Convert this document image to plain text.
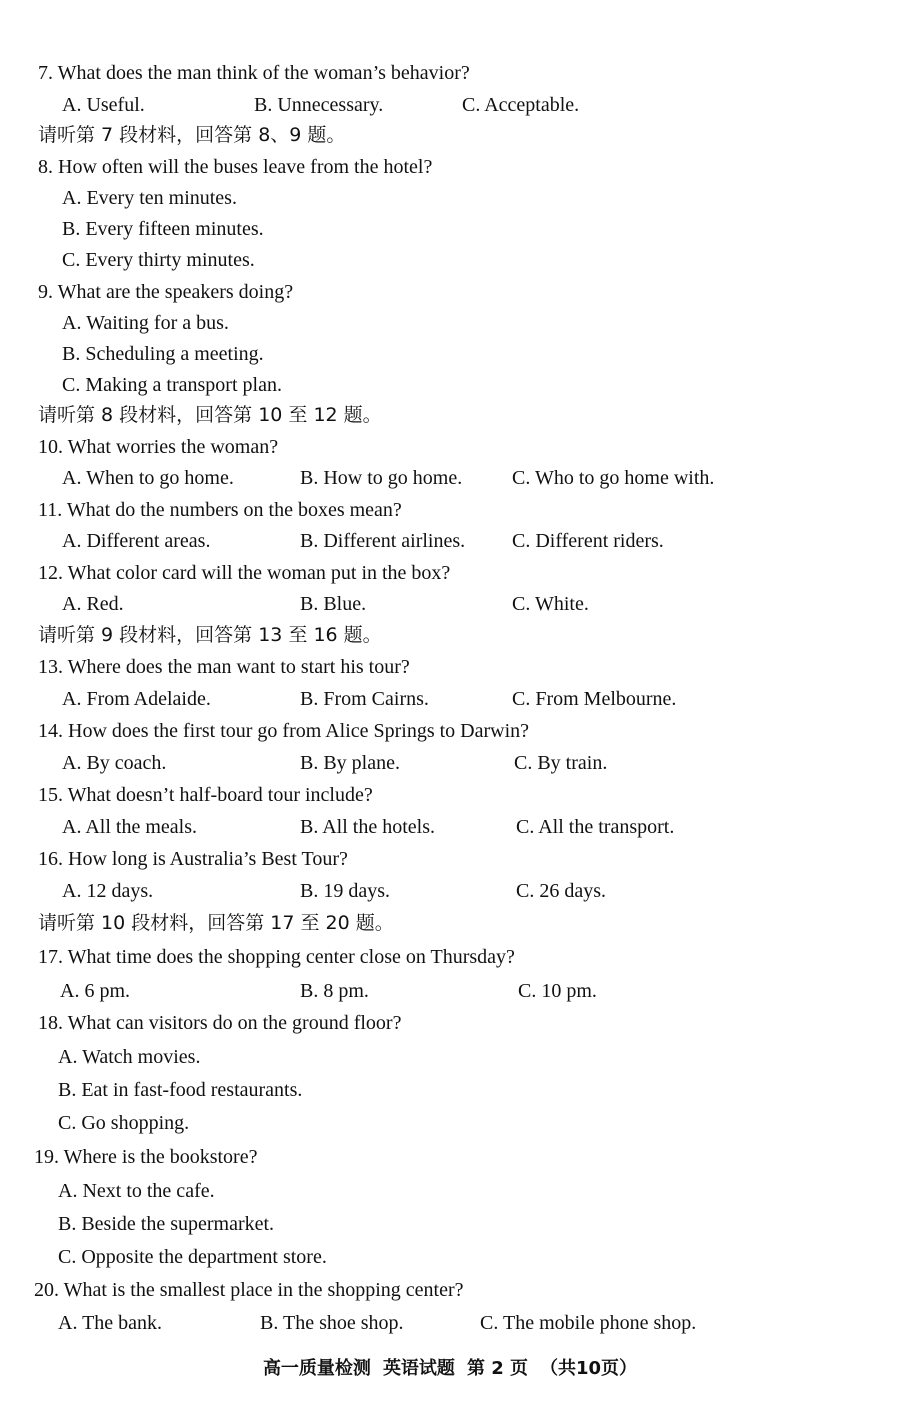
7. What does the man think of the woman’s behavior?
A. Useful.	B. Unnecessary.	C. Acceptable.
请听第 7 段材料，回答第 8、9 题。
8. How often will the buses leave from the hotel?
A. Every ten minutes.
B. Every fifteen minutes.
C. Every thirty minutes.
9. What are the speakers doing?
A. Waiting for a bus.
B. Scheduling a meeting.
C. Making a transport plan.
请听第 8 段材料，回答第 10 至 12 题。
10. What worries the woman?
A. When to go home.	B. How to go home. C. Who to go home with.
11. What do the numbers on the boxes mean?
A. Different areas.	B. Different airlines. C. Different riders.
12. What color card will the woman put in the box?
A. Red.	B. Blue.	C. White.
请听第 9 段材料，回答第 13 至 16 题。
13. Where does the man want to start his tour?
A. From Adelaide.	B. From Cairns.	C. From Melbourne.
14. How does the first tour go from Alice Springs to Darwin?
A. By coach.	B. By plane.	C. By train.
15. What doesn’t half-board tour include?
A. All the meals.	B. All the hotels.	C. All the transport.
16. How long is Australia’s Best Tour?
A. 12 days.	B. 19 days.	C. 26 days.
请听第 10 段材料，回答第 17 至 20 题。
17. What time does the shopping center close on Thursday?
A. 6 pm.	B. 8 pm.	C. 10 pm.
18. What can visitors do on the ground floor?
A. Watch movies.
B. Eat in fast-food restaurants.
C. Go shopping.
19. Where is the bookstore?
A. Next to the cafe.
B. Beside the supermarket.
C. Opposite the department store.
20. What is the smallest place in the shopping center?
A. The bank.	B. The shoe shop.	C. The mobile phone shop.
高一质量检测 英语试题 第 2 页 （共10页）
